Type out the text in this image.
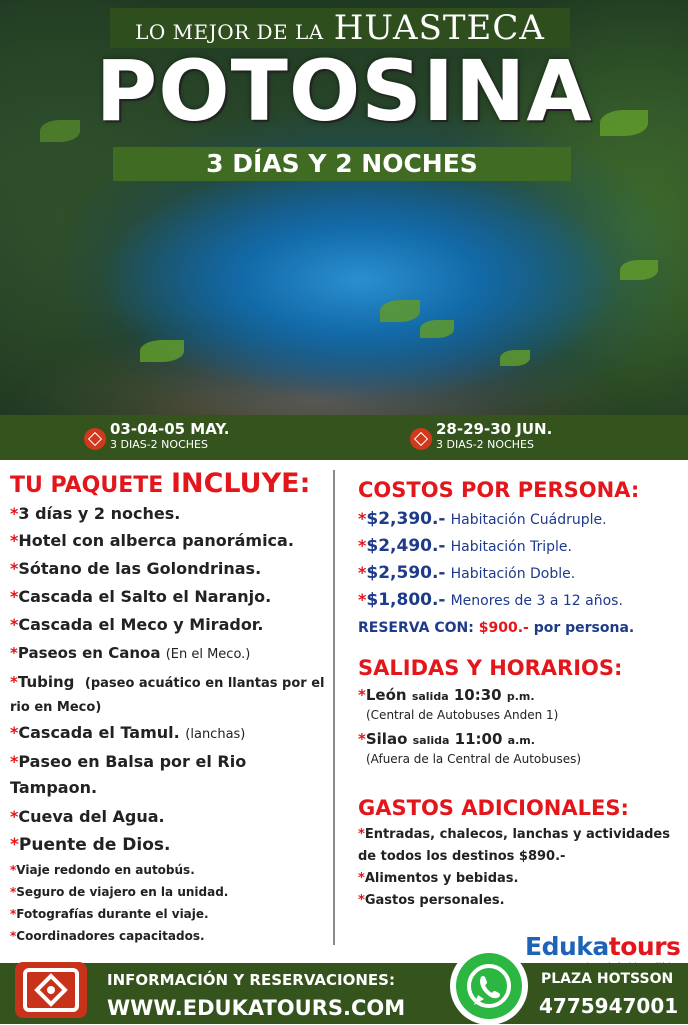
LO MEJOR DE LA HUASTECA
POTOSINA
3 DÍAS Y 2 NOCHES
03-04-05 MAY.
3 DIAS-2 NOCHES
28-29-30 JUN.
3 DIAS-2 NOCHES
TU PAQUETE INCLUYE:
*3 días y 2 noches.
*Hotel con alberca panorámica.
*Sótano de las Golondrinas.
*Cascada el Salto el Naranjo.
*Cascada el Meco y Mirador.
*Paseos en Canoa (En el Meco.)
*Tubing (paseo acuático en llantas por el rio en Meco)
*Cascada el Tamul. (lanchas)
*Paseo en Balsa por el Rio Tampaon.
*Cueva del Agua.
*Puente de Dios.
*Viaje redondo en autobús.
*Seguro de viajero en la unidad.
*Fotografías durante el viaje.
*Coordinadores capacitados.
COSTOS POR PERSONA:
*$2,390.- Habitación Cuádruple.
*$2,490.- Habitación Triple.
*$2,590.- Habitación Doble.
*$1,800.- Menores de 3 a 12 años.
RESERVA CON: $900.- por persona.
SALIDAS Y HORARIOS:
*León salida 10:30 p.m.
(Central de Autobuses Anden 1)
*Silao salida 11:00 a.m.
(Afuera de la Central de Autobuses)
GASTOS ADICIONALES:
*Entradas, chalecos, lanchas y actividades de todos los destinos $890.-
*Alimentos y bebidas.
*Gastos personales.
Edukatours
INFORMACIÓN Y RESERVACIONES:
WWW.EDUKATOURS.COM
PLAZA HOTSSON
4775947001
